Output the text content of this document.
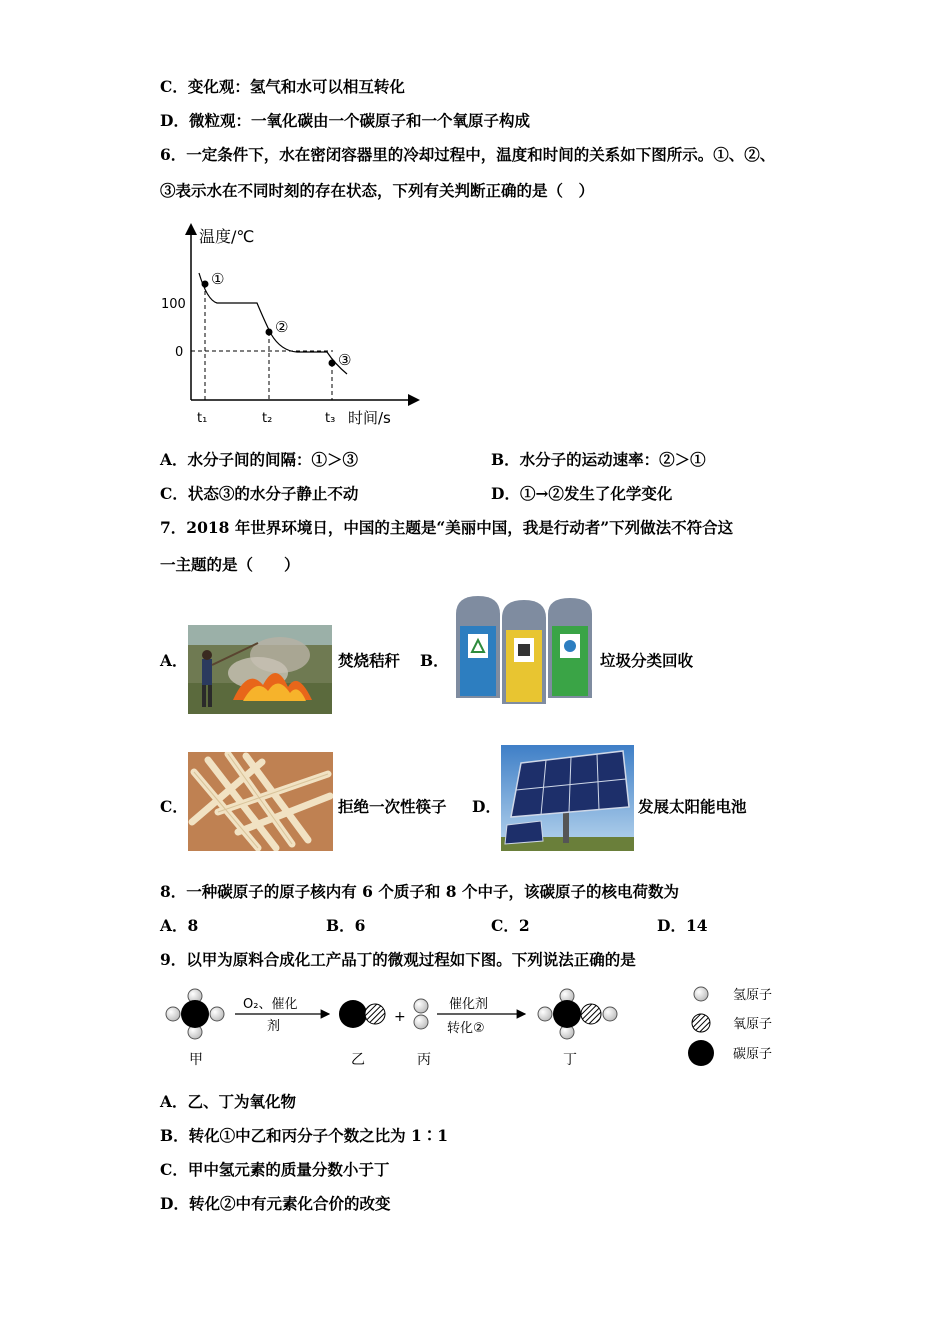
C．变化观：氢气和水可以相互转化
D．微粒观：一氧化碳由一个碳原子和一个氧原子构成
6．一定条件下，水在密闭容器里的冷却过程中，温度和时间的关系如下图所示。①、②、
③表示水在不同时刻的存在状态，下列有关判断正确的是（　）
温度/℃
时间/s
100
0
t₁	t₂	t₃
①
②
③
A．水分子间的间隔：①＞③	B．水分子的运动速率：②＞①
C．状态③的水分子静止不动	D．①→②发生了化学变化
7．2018 年世界环境日，中国的主题是“美丽中国，我是行动者”下列做法不符合这
一主题的是（　　）
A．	焚烧秸秆 B．	垃圾分类回收
C．	拒绝一次性筷子 D．	发展太阳能电池
8．一种碳原子的原子核内有 6 个质子和 8 个中子，该碳原子的核电荷数为
A．8	B．6	C．2	D．14
9．以甲为原料合成化工产品丁的微观过程如下图。下列说法正确的是
甲
O₂、催化
剂
乙
+
丙
催化剂
转化②
丁
氢原子
氧原子
碳原子
A．乙、丁为氧化物
B．转化①中乙和丙分子个数之比为 1∶1
C．甲中氢元素的质量分数小于丁
D．转化②中有元素化合价的改变
